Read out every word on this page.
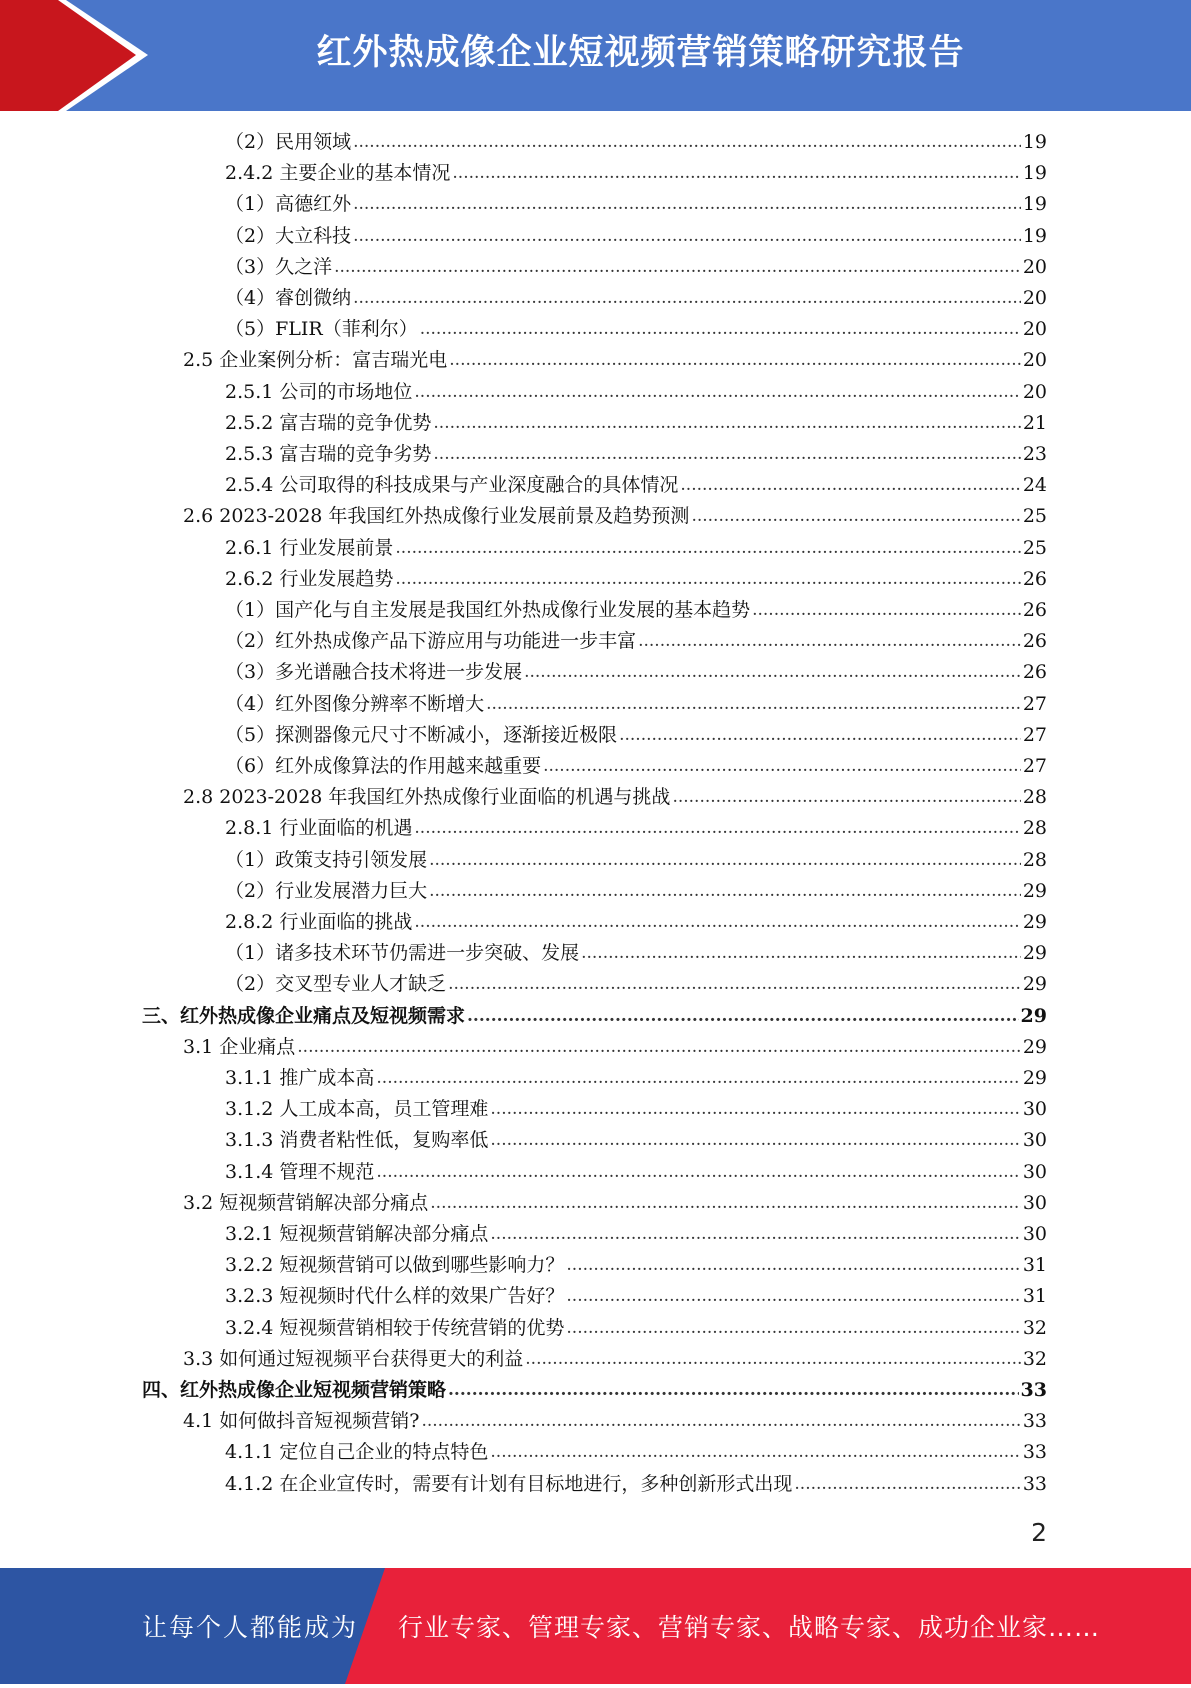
红外热成像企业短视频营销策略研究报告
（2）民用领域 .....	19
2.4.2 主要企业的基本情况 .....	19
（1）高德红外 .....	19
（2）大立科技 .....	19
（3）久之洋 .....	20
（4）睿创微纳 .....	20
（5）FLIR（菲利尔） .....	20
2.5 企业案例分析：富吉瑞光电 .....	20
2.5.1 公司的市场地位 .....	20
2.5.2 富吉瑞的竞争优势 .....	21
2.5.3 富吉瑞的竞争劣势 .....	23
2.5.4 公司取得的科技成果与产业深度融合的具体情况 .....	24
2.6 2023-2028 年我国红外热成像行业发展前景及趋势预测 .....	25
2.6.1 行业发展前景 .....	25
2.6.2 行业发展趋势 .....	26
（1）国产化与自主发展是我国红外热成像行业发展的基本趋势 .....	26
（2）红外热成像产品下游应用与功能进一步丰富 .....	26
（3）多光谱融合技术将进一步发展 .....	26
（4）红外图像分辨率不断增大 .....	27
（5）探测器像元尺寸不断减小，逐渐接近极限 .....	27
（6）红外成像算法的作用越来越重要 .....	27
2.8 2023-2028 年我国红外热成像行业面临的机遇与挑战 .....	28
2.8.1 行业面临的机遇 .....	28
（1）政策支持引领发展 .....	28
（2）行业发展潜力巨大 .....	29
2.8.2 行业面临的挑战 .....	29
（1）诸多技术环节仍需进一步突破、发展 .....	29
（2）交叉型专业人才缺乏 .....	29
三、红外热成像企业痛点及短视频需求 .....	29
3.1 企业痛点 .....	29
3.1.1 推广成本高 .....	29
3.1.2 人工成本高，员工管理难 .....	30
3.1.3 消费者粘性低，复购率低 .....	30
3.1.4 管理不规范 .....	30
3.2 短视频营销解决部分痛点 .....	30
3.2.1 短视频营销解决部分痛点 .....	30
3.2.2 短视频营销可以做到哪些影响力？ .....	31
3.2.3 短视频时代什么样的效果广告好？ .....	31
3.2.4 短视频营销相较于传统营销的优势 .....	32
3.3 如何通过短视频平台获得更大的利益 .....	32
四、红外热成像企业短视频营销策略 .....	33
4.1 如何做抖音短视频营销? .....	33
4.1.1 定位自己企业的特点特色 .....	33
4.1.2 在企业宣传时，需要有计划有目标地进行，多种创新形式出现 .....	33
2
让每个人都能成为 行业专家、管理专家、营销专家、战略专家、成功企业家……
